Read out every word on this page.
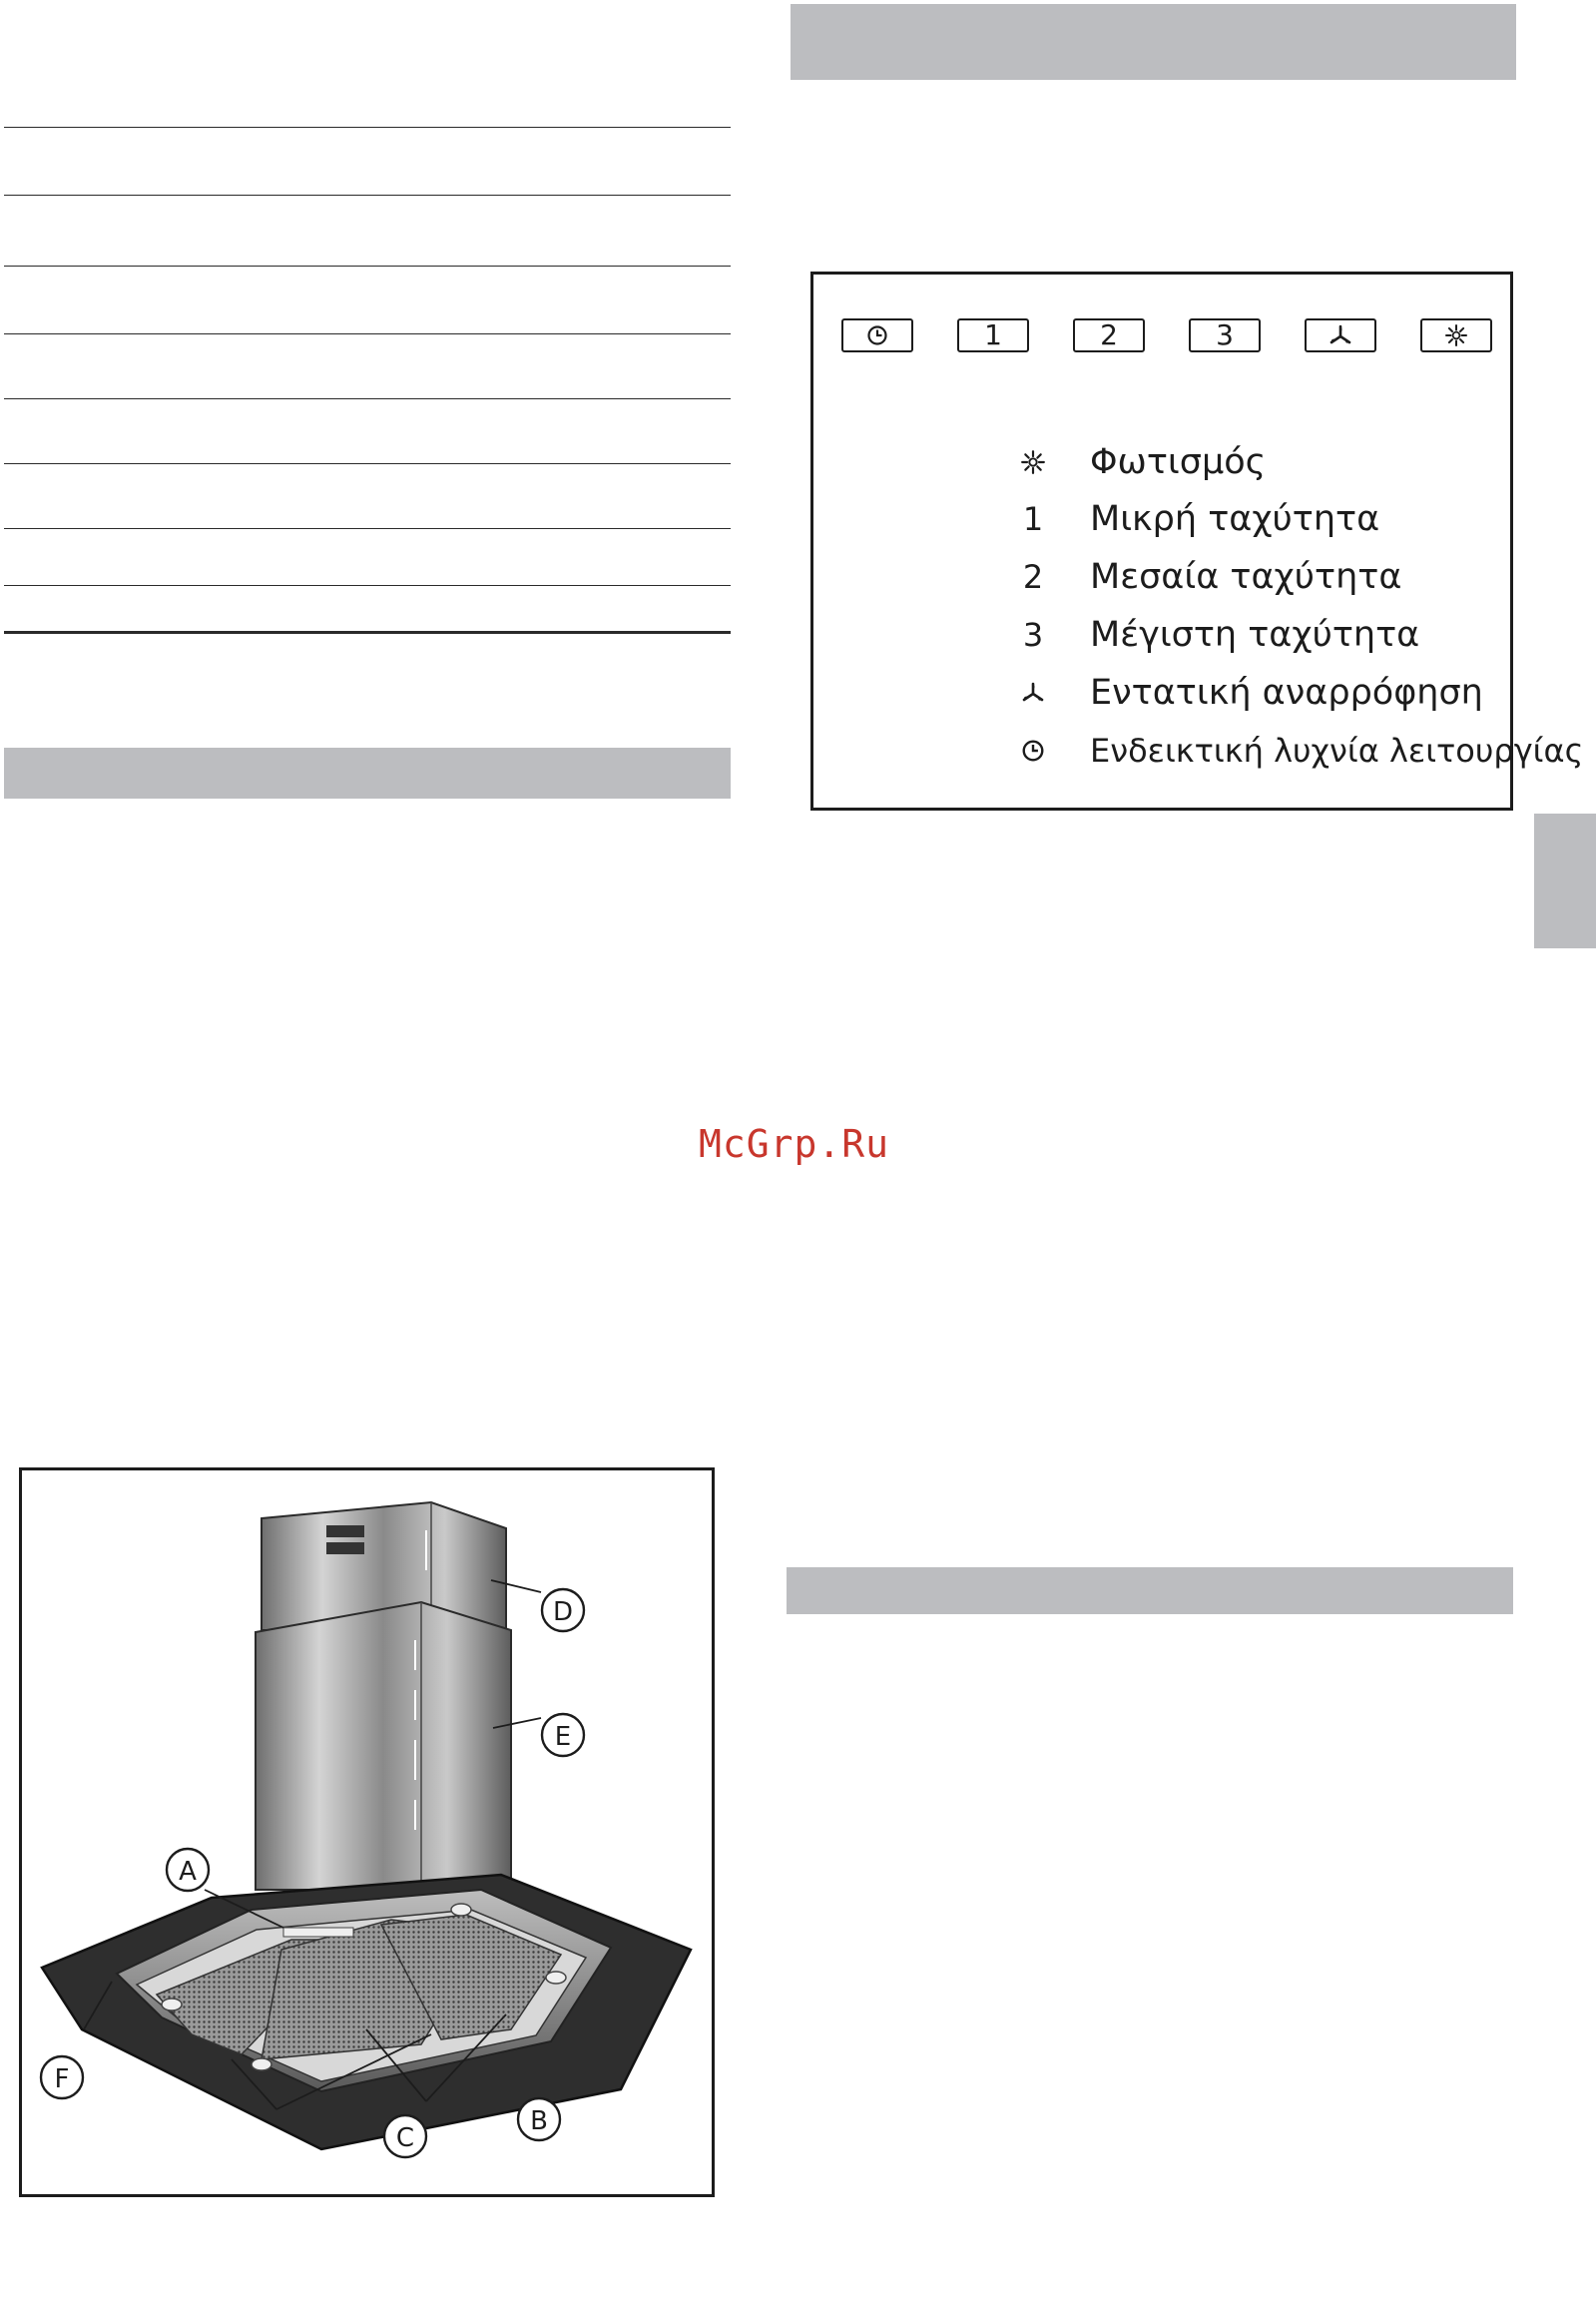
1	2	3
Φωτισμός
1	Μικρή ταχύτητα
2	Μεσαία ταχύτητα
3	Μέγιστη ταχύτητα
Εντατική αναρρόφηση
Ενδεικτική λυχνία λειτουργίας
McGrp.Ru
A
B
C
D
E
F
